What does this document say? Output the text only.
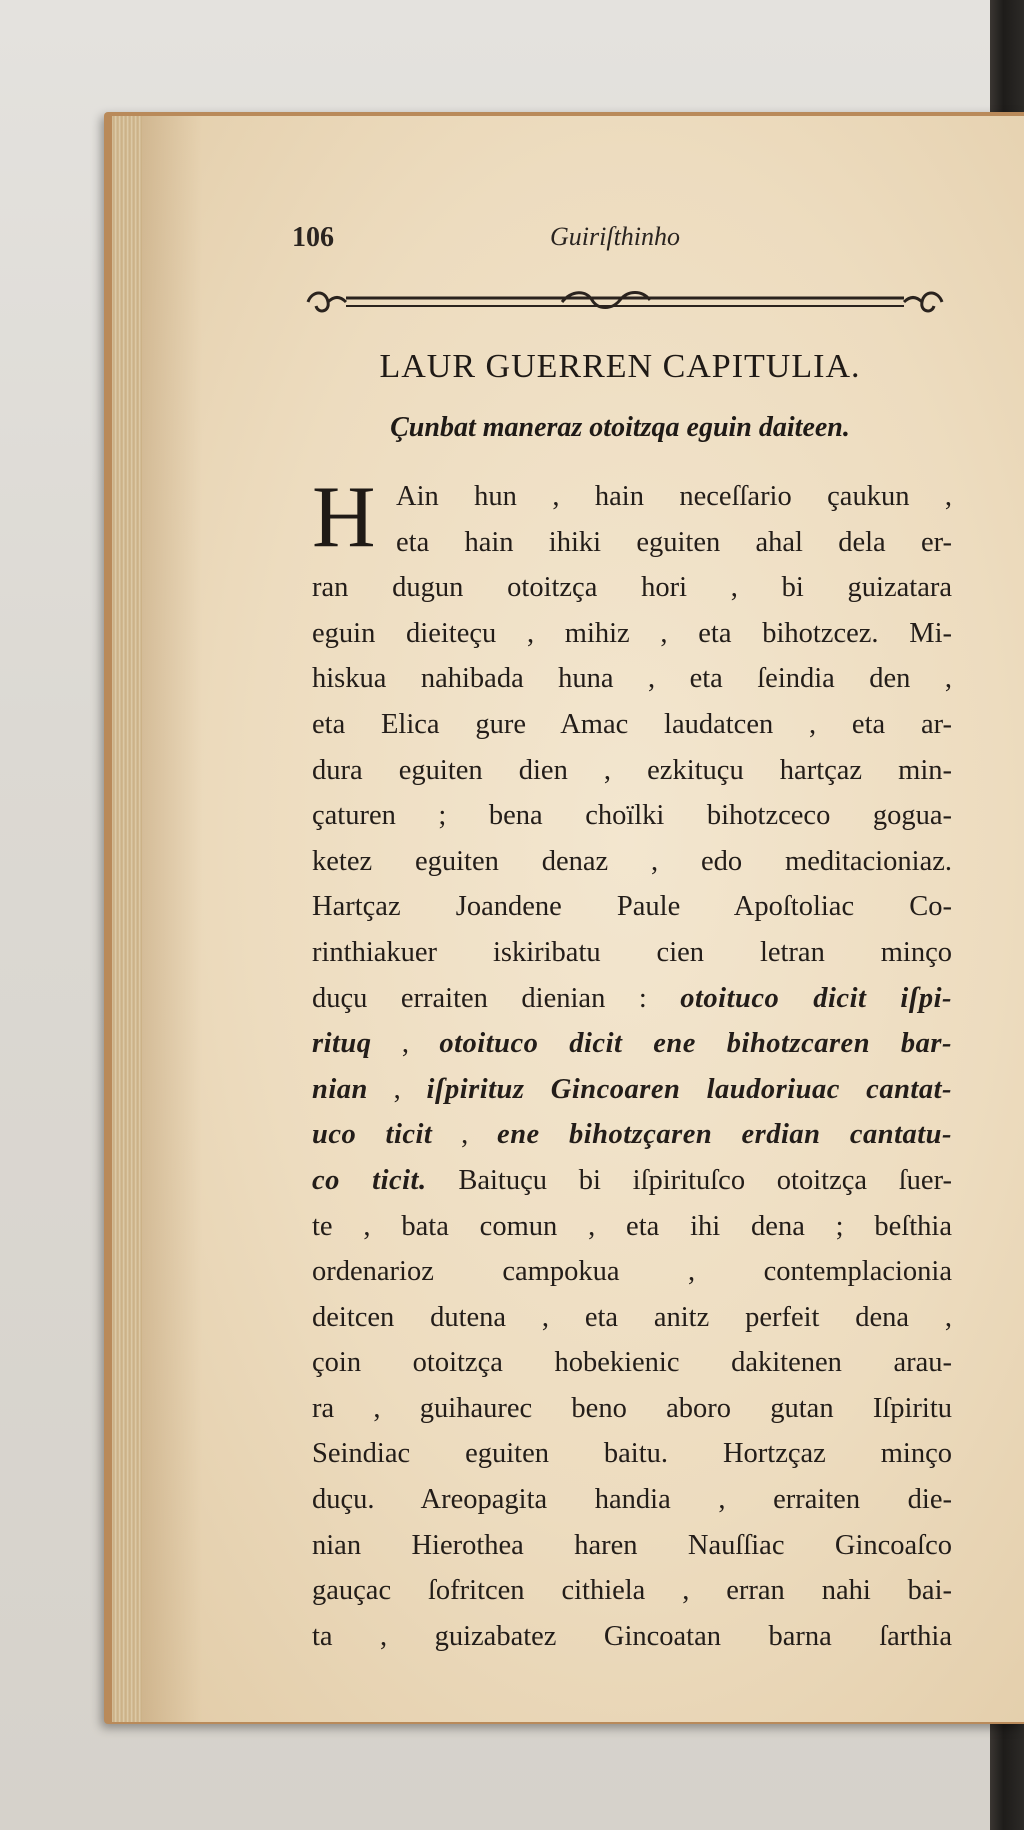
106	Guiriſthinho
LAUR GUERREN CAPITULIA.
Çunbat maneraz otoitzqa eguin daiteen.
H Ain hun , hain neceſſario çaukun ,
eta hain ihiki eguiten ahal dela er-
ran dugun otoitzça hori , bi guizatara
eguin dieiteçu , mihiz , eta bihotzcez. Mi-
hiskua nahibada huna , eta ſeindia den ,
eta Elica gure Amac laudatcen , eta ar-
dura eguiten dien , ezkituçu hartçaz min-
çaturen ; bena choïlki bihotzceco gogua-
ketez eguiten denaz , edo meditacioniaz.
Hartçaz Joandene Paule Apoſtoliac Co-
rinthiakuer iskiribatu cien letran minço
duçu erraiten dienian : otoituco dicit iſpi-
rituq , otoituco dicit ene bihotzcaren bar-
nian , iſpirituz Gincoaren laudoriuac cantat-
uco ticit , ene bihotzçaren erdian cantatu-
co ticit. Baituçu bi iſpirituſco otoitzça ſuer-
te , bata comun , eta ihi dena ; beſthia
ordenarioz campokua , contemplacionia
deitcen dutena , eta anitz perfeit dena ,
çoin otoitzça hobekienic dakitenen arau-
ra , guihaurec beno aboro gutan Iſpiritu
Seindiac eguiten baitu. Hortzçaz minço
duçu. Areopagita handia , erraiten die-
nian Hierothea haren Nauſſiac Gincoaſco
gauçac ſofritcen cithiela , erran nahi bai-
ta , guizabatez Gincoatan barna ſarthia
